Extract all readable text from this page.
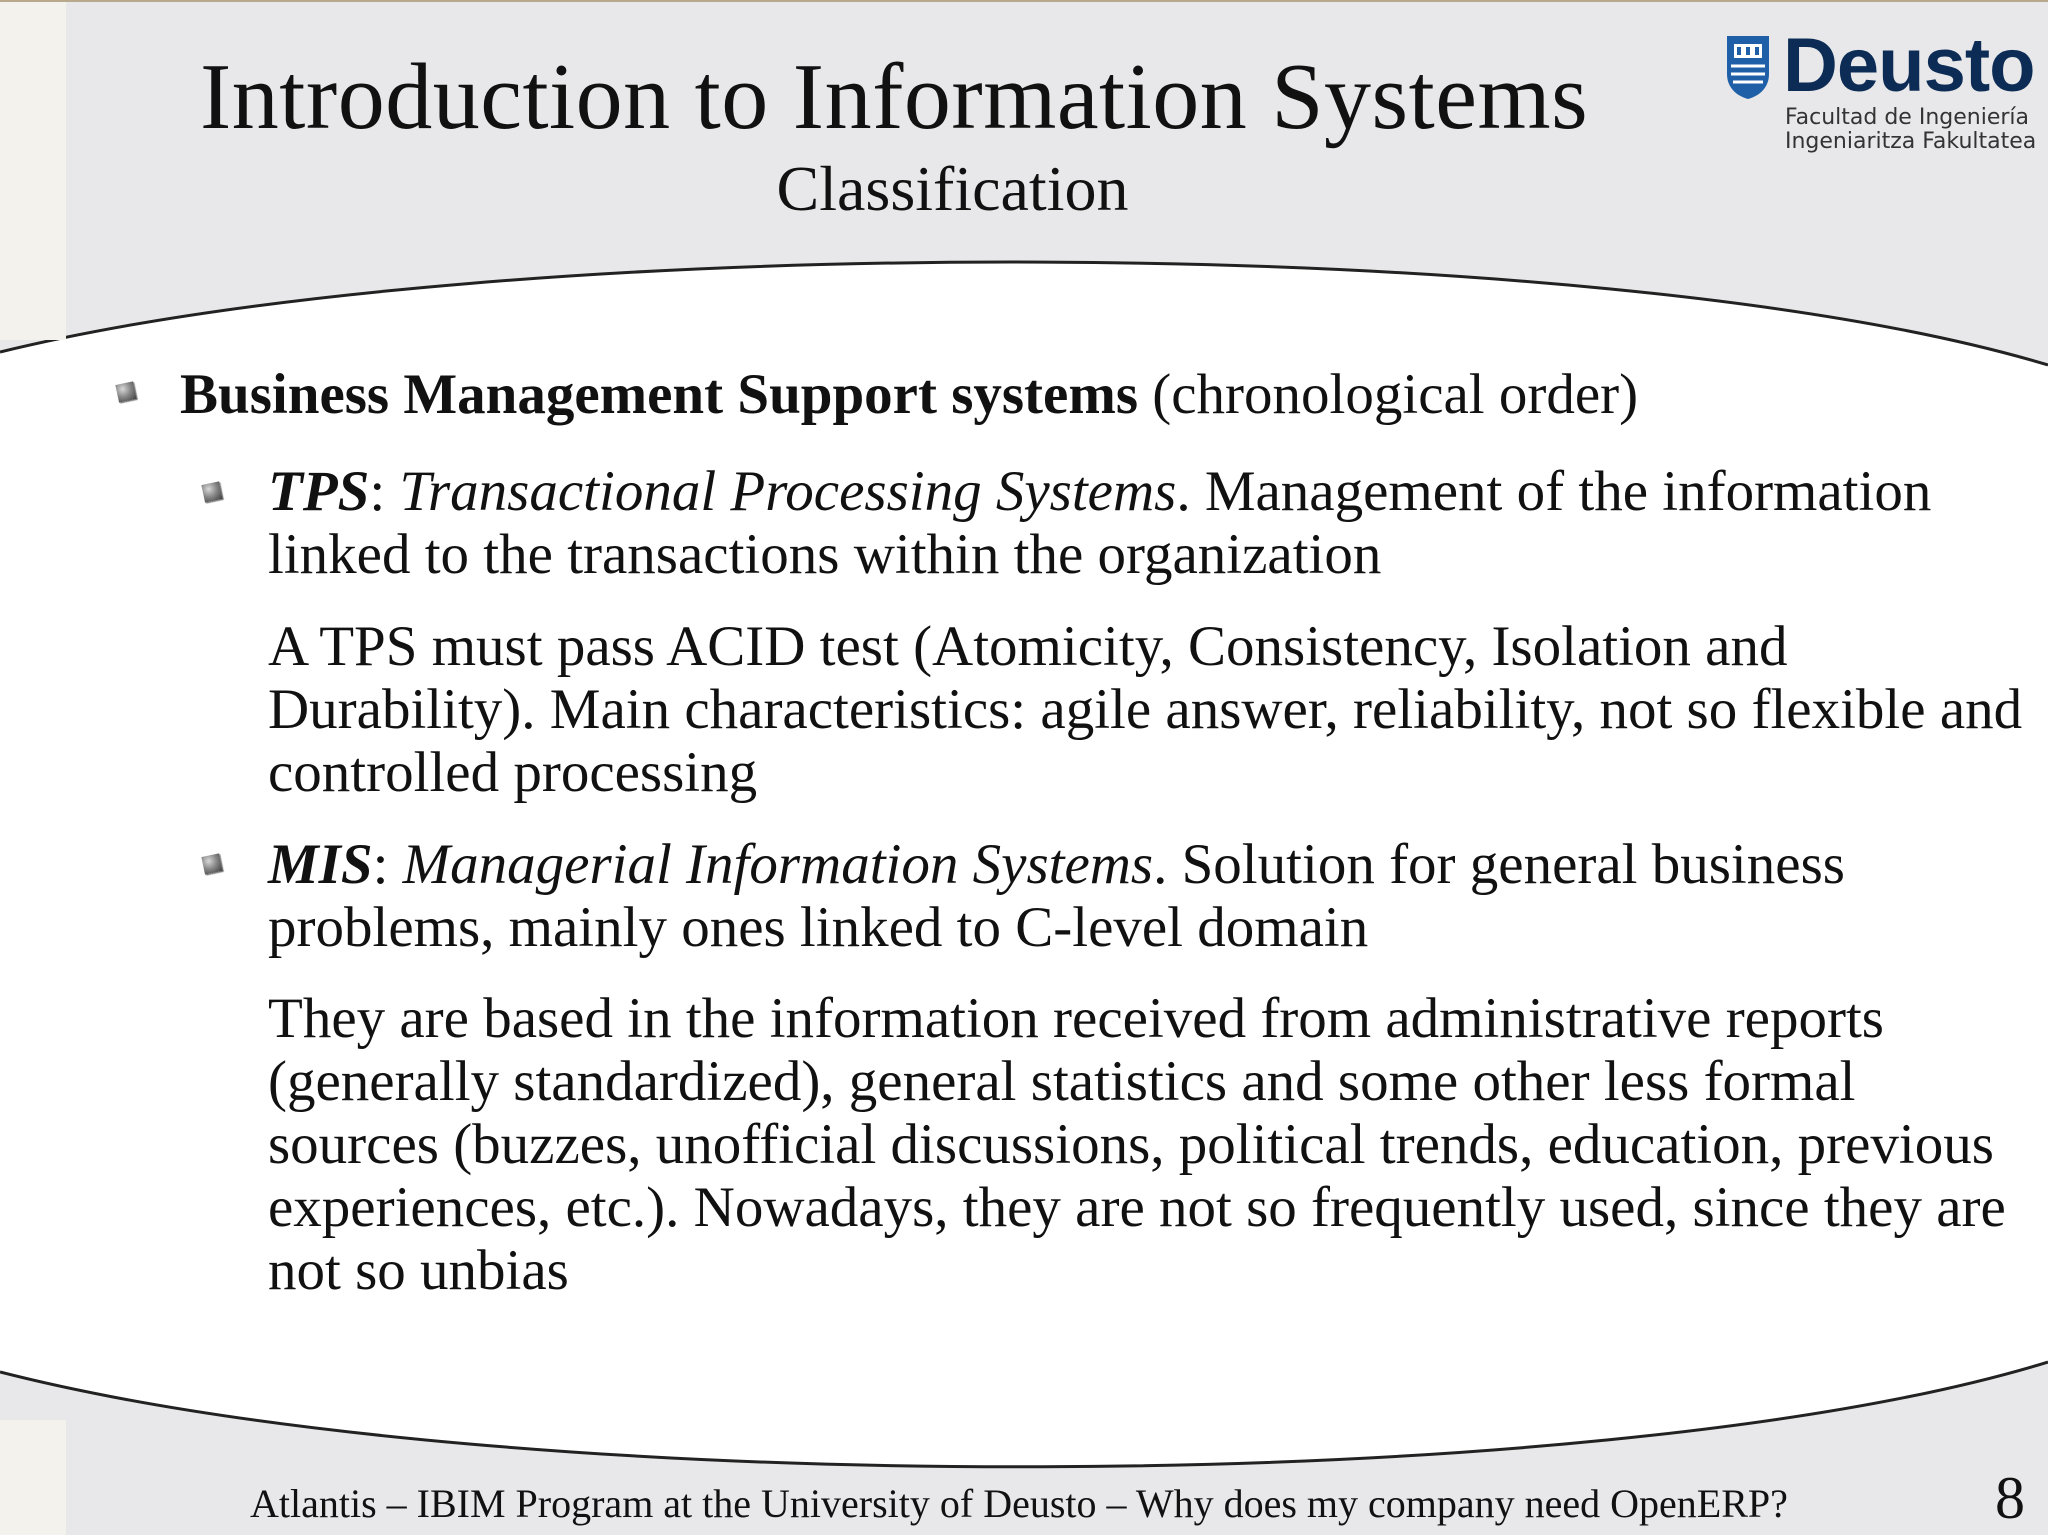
Introduction to Information Systems
Classification
Deusto
Facultad de Ingeniería
Ingeniaritza Fakultatea
Business Management Support systems (chronological order)
TPS: Transactional Processing Systems. Management of the information linked to the transactions within the organization
A TPS must pass ACID test (Atomicity, Consistency, Isolation and Durability). Main characteristics: agile answer, reliability, not so flexible and controlled processing
MIS: Managerial Information Systems. Solution for general business problems, mainly ones linked to C-level domain
They are based in the information received from administrative reports (generally standardized), general statistics and some other less formal sources (buzzes, unofficial discussions, political trends, education, previous experiences, etc.). Nowadays, they are not so frequently used, since they are not so unbias
Atlantis – IBIM Program at the University of Deusto – Why does my company need OpenERP?	8
